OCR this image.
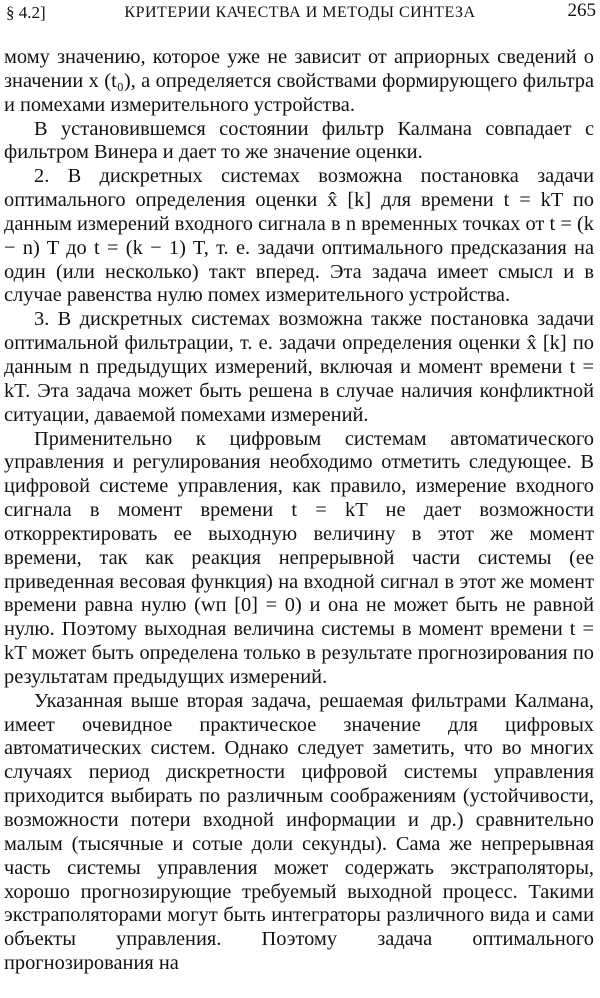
§ 4.2]	КРИТЕРИИ КАЧЕСТВА И МЕТОДЫ СИНТЕЗА	265

мому значению, которое уже не зависит от априорных сведений о значении x (t₀), а определяется свойствами формирующего фильтра и помехами измерительного устройства.

В установившемся состоянии фильтр Калмана совпадает с фильтром Винера и дает то же значение оценки.

2. В дискретных системах возможна постановка задачи оптимального определения оценки x̂ [k] для времени t = kT по данным измерений входного сигнала в n временных точках от t = (k − n) T до t = (k − 1) T, т. е. задачи оптимального предсказания на один (или несколько) такт вперед. Эта задача имеет смысл и в случае равенства нулю помех измерительного устройства.

3. В дискретных системах возможна также постановка задачи оптимальной фильтрации, т. е. задачи определения оценки x̂ [k] по данным n предыдущих измерений, включая и момент времени t = kT. Эта задача может быть решена в случае наличия конфликтной ситуации, даваемой помехами измерений.

Применительно к цифровым системам автоматического управления и регулирования необходимо отметить следующее. В цифровой системе управления, как правило, измерение входного сигнала в момент времени t = kT не дает возможности откорректировать ее выходную величину в этот же момент времени, так как реакция непрерывной части системы (ее приведенная весовая функция) на входной сигнал в этот же момент времени равна нулю (wп [0] = 0) и она не может быть не равной нулю. Поэтому выходная величина системы в момент времени t = kT может быть определена только в результате прогнозирования по результатам предыдущих измерений.

Указанная выше вторая задача, решаемая фильтрами Калмана, имеет очевидное практическое значение для цифровых автоматических систем. Однако следует заметить, что во многих случаях период дискретности цифровой системы управления приходится выбирать по различным соображениям (устойчивости, возможности потери входной информации и др.) сравнительно малым (тысячные и сотые доли секунды). Сама же непрерывная часть системы управления может содержать экстраполяторы, хорошо прогнозирующие требуемый выходной процесс. Такими экстраполяторами могут быть интеграторы различного вида и сами объекты управления. Поэтому задача оптимального прогнозирования на
